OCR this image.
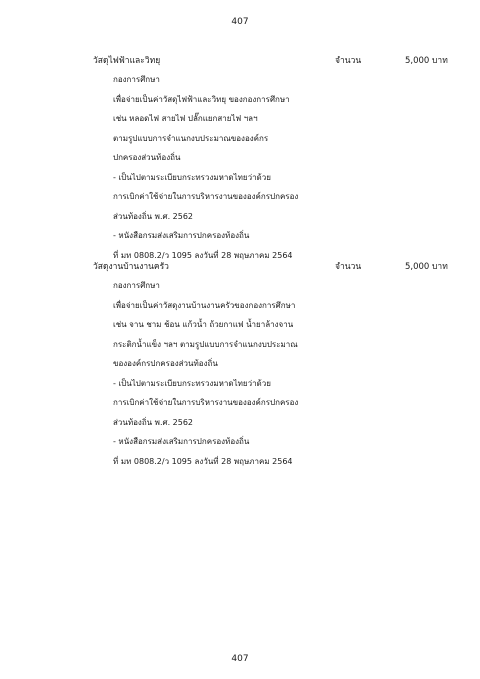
407
วัสดุไฟฟ้าและวิทยุ	จำนวน	5,000 บาท
กองการศึกษา
เพื่อจ่ายเป็นค่าวัสดุไฟฟ้าและวิทยุ ของกองการศึกษา
เช่น หลอดไฟ สายไฟ ปลั๊กแยกสายไฟ ฯลฯ
ตามรูปแบบการจำแนกงบประมาณขององค์กร
ปกครองส่วนท้องถิ่น
- เป็นไปตามระเบียบกระทรวงมหาดไทยว่าด้วย
การเบิกค่าใช้จ่ายในการบริหารงานขององค์กรปกครอง
ส่วนท้องถิ่น พ.ศ. 2562
- หนังสือกรมส่งเสริมการปกครองท้องถิ่น
ที่ มท 0808.2/ว 1095 ลงวันที่ 28 พฤษภาคม 2564
วัสดุงานบ้านงานครัว	จำนวน	5,000 บาท
กองการศึกษา
เพื่อจ่ายเป็นค่าวัสดุงานบ้านงานครัวของกองการศึกษา
เช่น จาน ชาม ช้อน แก้วน้ำ ถ้วยกาแฟ น้ำยาล้างจาน
กระติกน้ำแข็ง ฯลฯ ตามรูปแบบการจำแนกงบประมาณ
ขององค์กรปกครองส่วนท้องถิ่น
- เป็นไปตามระเบียบกระทรวงมหาดไทยว่าด้วย
การเบิกค่าใช้จ่ายในการบริหารงานขององค์กรปกครอง
ส่วนท้องถิ่น พ.ศ. 2562
- หนังสือกรมส่งเสริมการปกครองท้องถิ่น
ที่ มท 0808.2/ว 1095 ลงวันที่ 28 พฤษภาคม 2564
407
